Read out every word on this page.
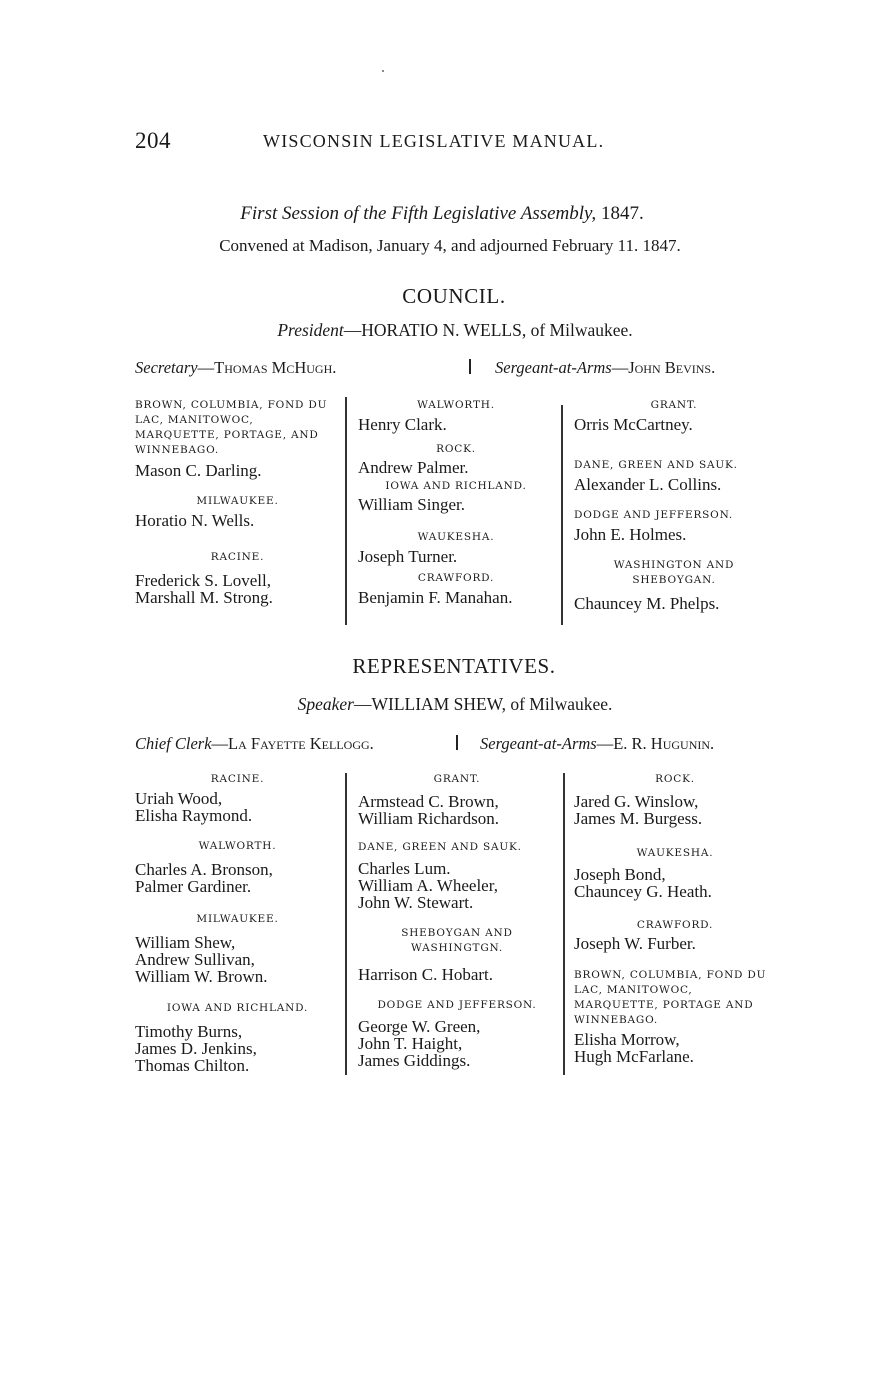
204	WISCONSIN LEGISLATIVE MANUAL.
First Session of the Fifth Legislative Assembly, 1847.
Convened at Madison, January 4, and adjourned February 11. 1847.
COUNCIL.
President—HORATIO N. WELLS, of Milwaukee.
Secretary—Thomas McHugh.	Sergeant-at-Arms—John Bevins.
BROWN, COLUMBIA, FOND DU LAC, MANITOWOC, MARQUETTE, PORTAGE, AND WINNEBAGO.
Mason C. Darling.
MILWAUKEE.
Horatio N. Wells.
RACINE.
Frederick S. Lovell,
Marshall M. Strong.
WALWORTH.
Henry Clark.
ROCK.
Andrew Palmer.
IOWA AND RICHLAND.
William Singer.
WAUKESHA.
Joseph Turner.
CRAWFORD.
Benjamin F. Manahan.
GRANT.
Orris McCartney.
DANE, GREEN AND SAUK.
Alexander L. Collins.
DODGE AND JEFFERSON.
John E. Holmes.
WASHINGTON AND SHEBOYGAN.
Chauncey M. Phelps.
REPRESENTATIVES.
Speaker—WILLIAM SHEW, of Milwaukee.
Chief Clerk—La Fayette Kellogg.	Sergeant-at-Arms—E. R. Hugunin.
RACINE.
Uriah Wood,
Elisha Raymond.
WALWORTH.
Charles A. Bronson,
Palmer Gardiner.
MILWAUKEE.
William Shew,
Andrew Sullivan,
William W. Brown.
IOWA AND RICHLAND.
Timothy Burns,
James D. Jenkins,
Thomas Chilton.
GRANT.
Armstead C. Brown,
William Richardson.
DANE, GREEN AND SAUK.
Charles Lum.
William A. Wheeler,
John W. Stewart.
SHEBOYGAN AND WASHINGTGN.
Harrison C. Hobart.
DODGE AND JEFFERSON.
George W. Green,
John T. Haight,
James Giddings.
ROCK.
Jared G. Winslow,
James M. Burgess.
WAUKESHA.
Joseph Bond,
Chauncey G. Heath.
CRAWFORD.
Joseph W. Furber.
BROWN, COLUMBIA, FOND DU LAC, MANITOWOC, MARQUETTE, PORTAGE AND WINNEBAGO.
Elisha Morrow,
Hugh McFarlane.
